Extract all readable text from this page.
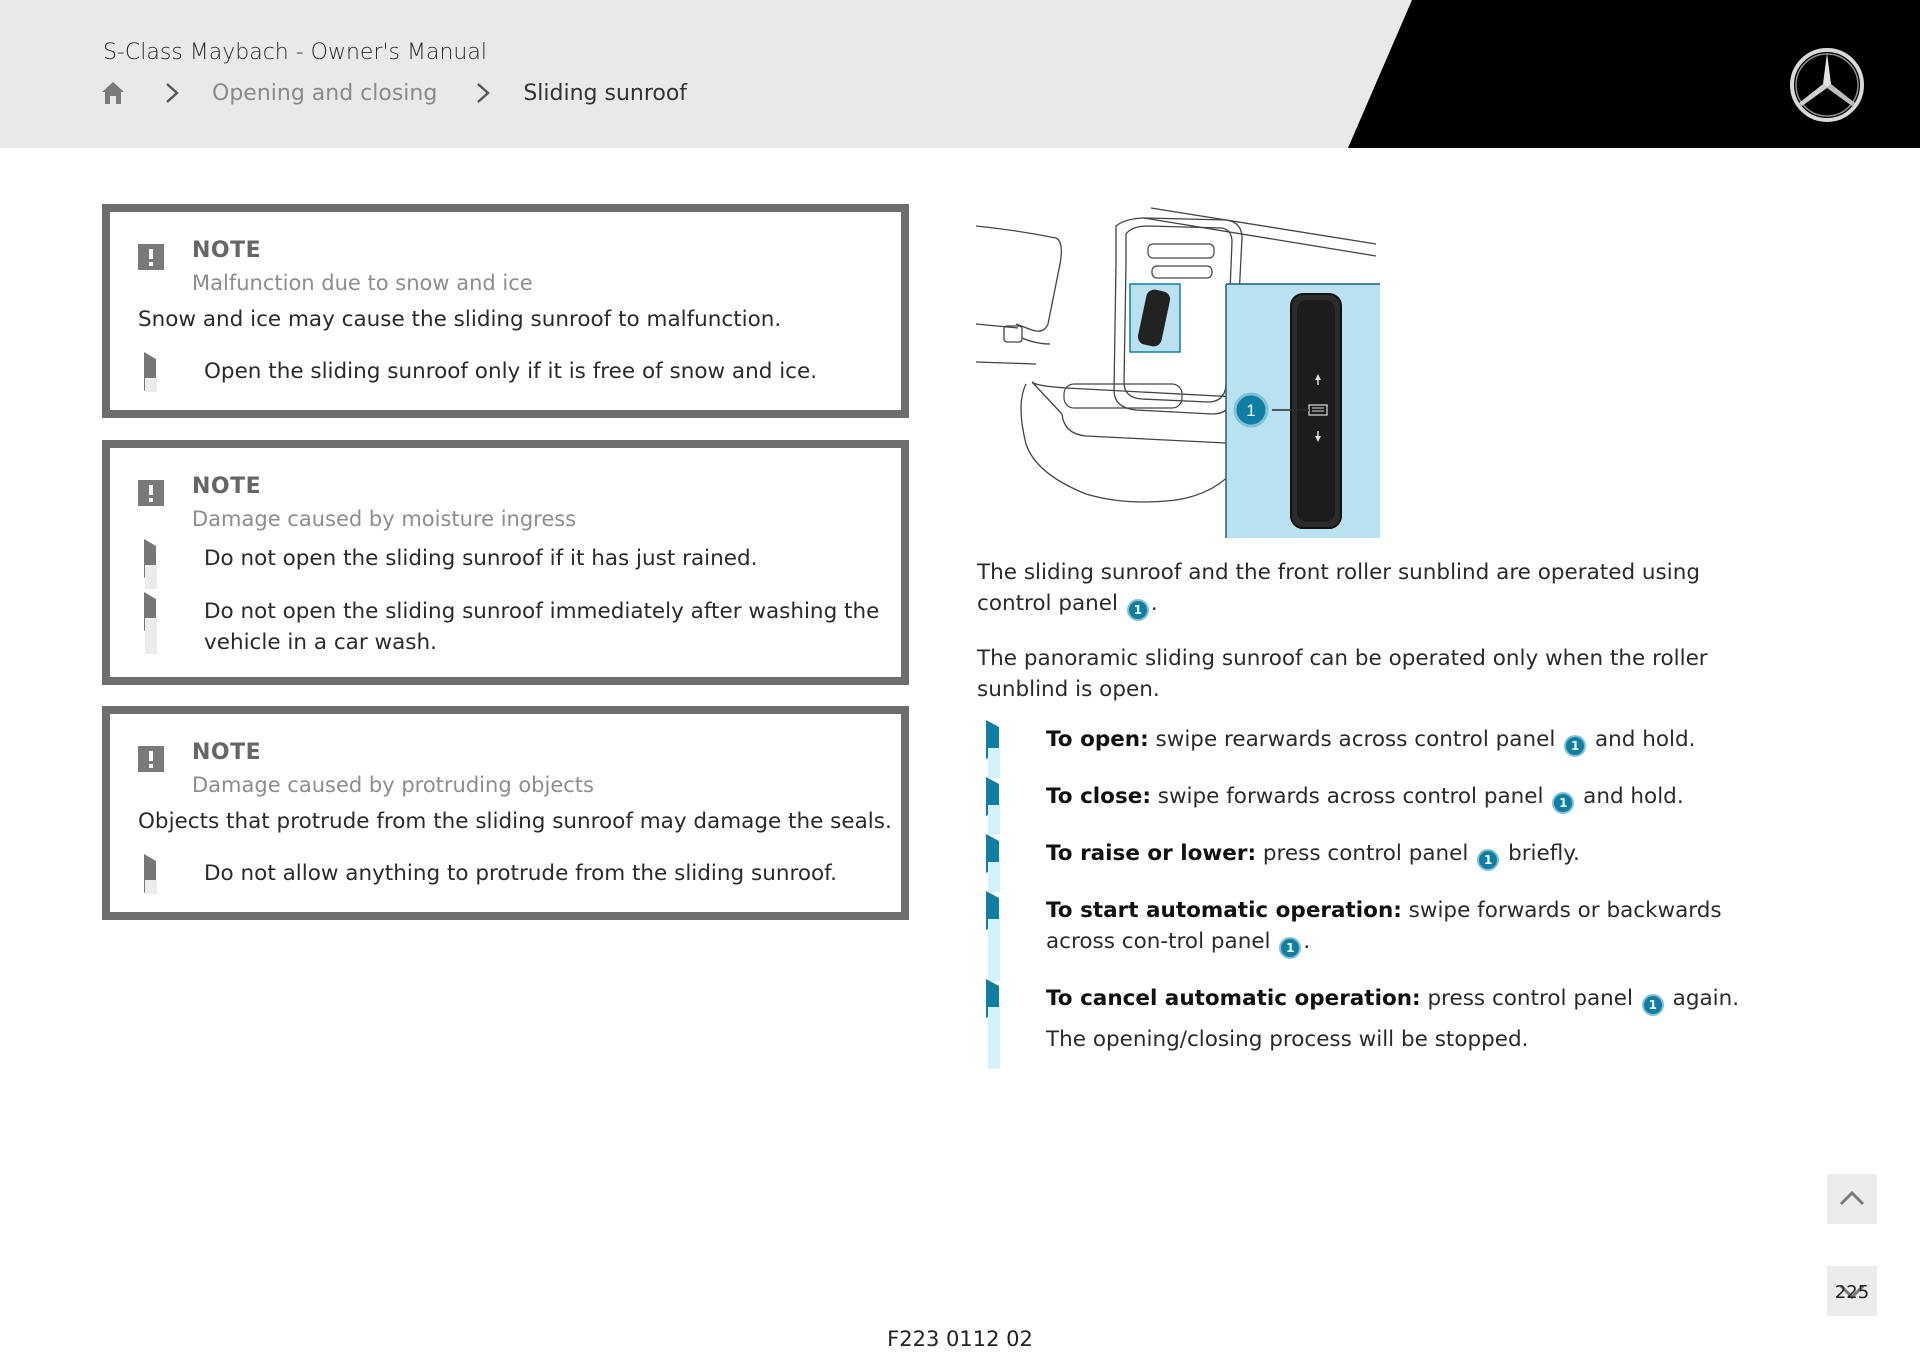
S-Class Maybach - Owner's Manual
Opening and closing	Sliding sunroof
NOTE
Malfunction due to snow and ice
Snow and ice may cause the sliding sunroof to malfunction.
Open the sliding sunroof only if it is free of snow and ice.
NOTE
Damage caused by moisture ingress
Do not open the sliding sunroof if it has just rained.
Do not open the sliding sunroof immediately after washing the vehicle in a car wash.
NOTE
Damage caused by protruding objects
Objects that protrude from the sliding sunroof may damage the seals.
Do not allow anything to protrude from the sliding sunroof.
1
The sliding sunroof and the front roller sunblind are operated using control panel 1 .
The panoramic sliding sunroof can be operated only when the roller sunblind is open.
To open: swipe rearwards across control panel 1 and hold.
To close: swipe forwards across control panel 1 and hold.
To raise or lower: press control panel 1 briefly.
To start automatic operation: swipe forwards or backwards across con-trol panel 1 .
To cancel automatic operation: press control panel 1 again.
The opening/closing process will be stopped.
F223 0112 02
225
